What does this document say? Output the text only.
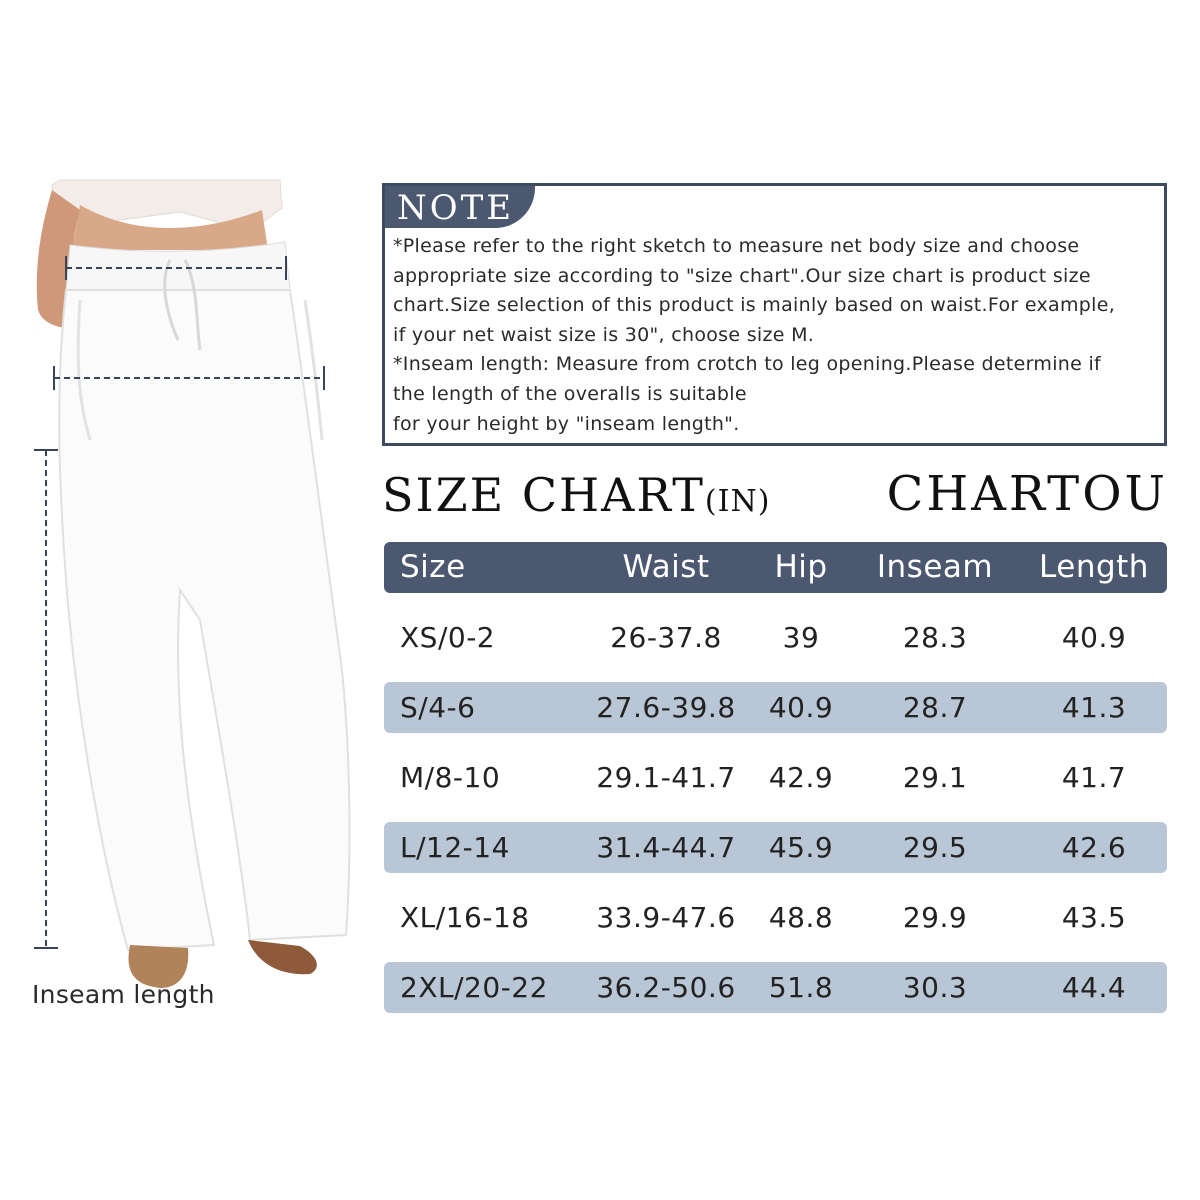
Inseam length
NOTE
*Please refer to the right sketch to measure net body size and choose
appropriate size according to "size chart".Our size chart is product size
chart.Size selection of this product is mainly based on waist.For example,
if your net waist size is 30", choose size M.
*Inseam length: Measure from crotch to leg opening.Please determine if
the length of the overalls is suitable
for your height by "inseam length".
SIZE CHART(IN) CHARTOU
Size	Waist	Hip Inseam	Length
XS/0-2	26-37.8	39	28.3	40.9
S/4-6	27.6-39.8 40.9	28.7	41.3
M/8-10	29.1-41.7 42.9	29.1	41.7
L/12-14	31.4-44.7 45.9	29.5	42.6
XL/16-18 33.9-47.6 48.8	29.9	43.5
2XL/20-22 36.2-50.6 51.8	30.3	44.4
